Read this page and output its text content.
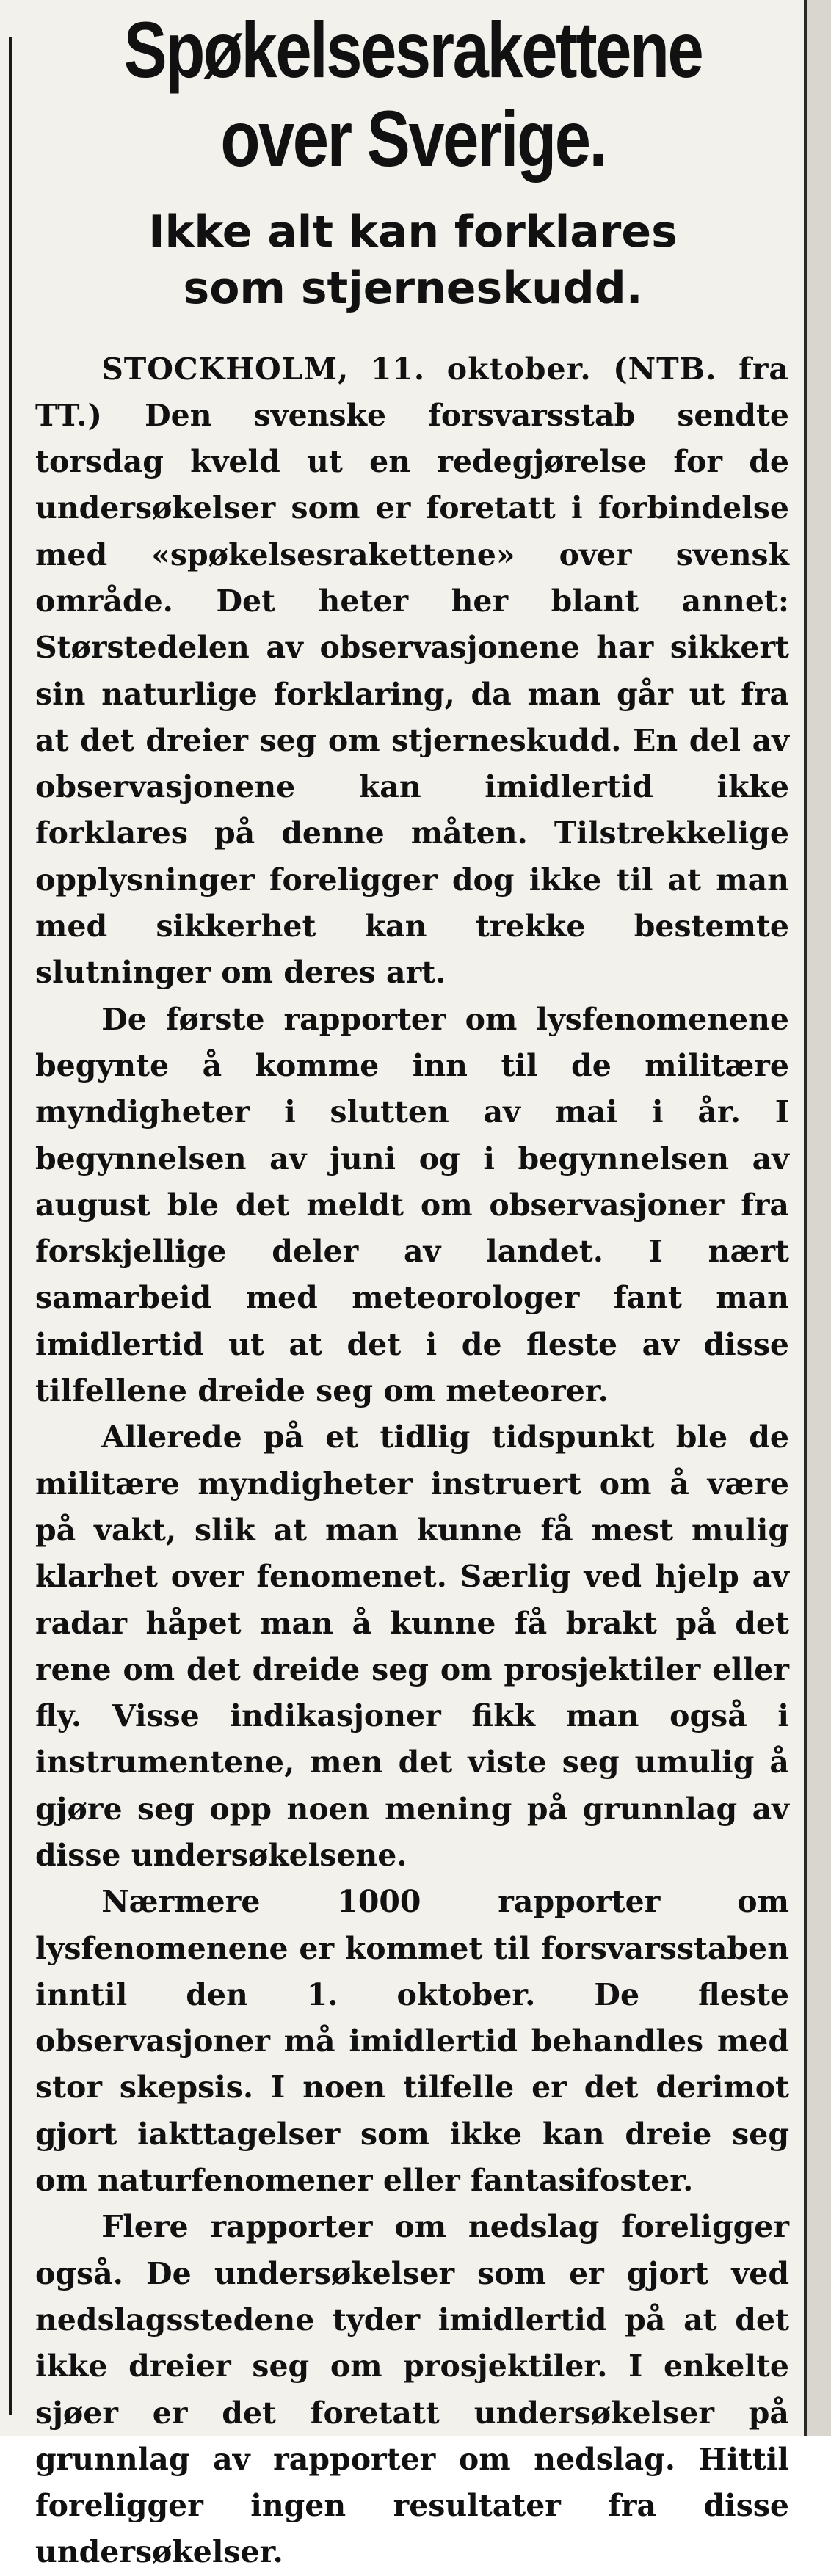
Spøkelsesrakettene
over Sverige.
Ikke alt kan forklares
som stjerneskudd.

STOCKHOLM, 11. oktober. (NTB. fra TT.) Den svenske forsvarsstab sendte torsdag kveld ut en redegjørelse for de undersøkelser som er foretatt i forbindelse med «spøkelsesrakettene» over svensk område. Det heter her blant annet: Størstedelen av observasjonene har sikkert sin naturlige forklaring, da man går ut fra at det dreier seg om stjerneskudd. En del av observasjonene kan imidlertid ikke forklares på denne måten. Tilstrekkelige opplysninger foreligger dog ikke til at man med sikkerhet kan trekke bestemte slutninger om deres art.

De første rapporter om lysfenomenene begynte å komme inn til de militære myndigheter i slutten av mai i år. I begynnelsen av juni og i begynnelsen av august ble det meldt om observasjoner fra forskjellige deler av landet. I nært samarbeid med meteorologer fant man imidlertid ut at det i de fleste av disse tilfellene dreide seg om meteorer.

Allerede på et tidlig tidspunkt ble de militære myndigheter instruert om å være på vakt, slik at man kunne få mest mulig klarhet over fenomenet. Særlig ved hjelp av radar håpet man å kunne få brakt på det rene om det dreide seg om prosjektiler eller fly. Visse indikasjoner fikk man også i instrumentene, men det viste seg umulig å gjøre seg opp noen mening på grunnlag av disse undersøkelsene.

Nærmere 1000 rapporter om lysfenomenene er kommet til forsvarsstaben inntil den 1. oktober. De fleste observasjoner må imidlertid behandles med stor skepsis. I noen tilfelle er det derimot gjort iakttagelser som ikke kan dreie seg om naturfenomener eller fantasifoster.

Flere rapporter om nedslag foreligger også. De undersøkelser som er gjort ved nedslagsstedene tyder imidlertid på at det ikke dreier seg om prosjektiler. I enkelte sjøer er det foretatt undersøkelser på grunnlag av rapporter om nedslag. Hittil foreligger ingen resultater fra disse undersøkelser.
